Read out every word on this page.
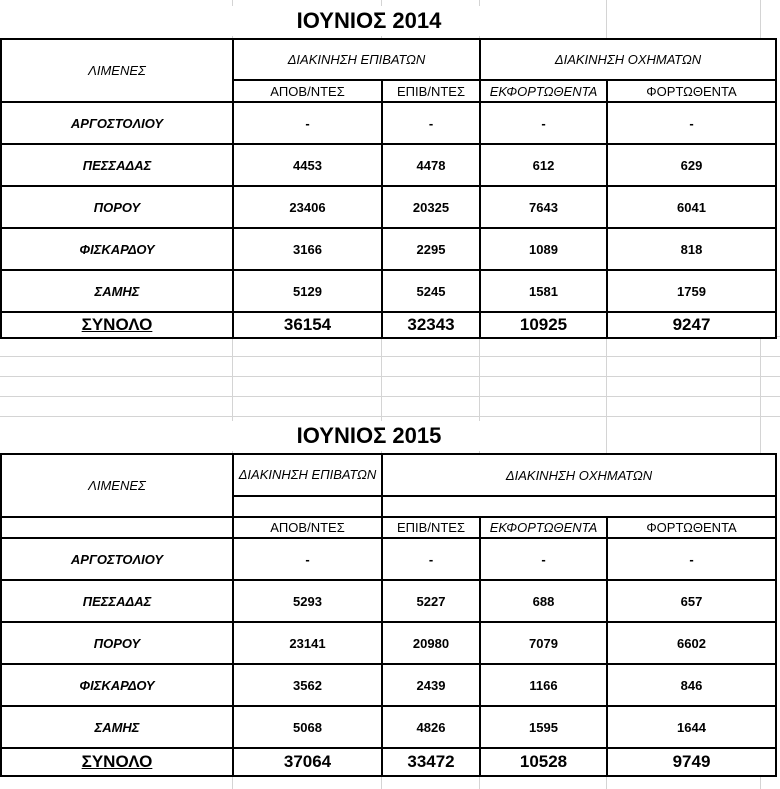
ΙΟΥΝΙΟΣ 2014
ΛΙΜΕΝΕΣ	ΔΙΑΚΙΝΗΣΗ ΕΠΙΒΑΤΩΝ		ΔΙΑΚΙΝΗΣΗ ΟΧΗΜΑΤΩΝ	
	ΑΠΟΒ/ΝΤΕΣ	ΕΠΙΒ/ΝΤΕΣ	ΕΚΦΟΡΤΩΘΕΝΤΑ	ΦΟΡΤΩΘΕΝΤΑ
ΑΡΓΟΣΤΟΛΙΟΥ	-	-	-	-
ΠΕΣΣΑΔΑΣ	4453	4478	612	629
ΠΟΡΟΥ	23406	20325	7643	6041
ΦΙΣΚΑΡΔΟΥ	3166	2295	1089	818
ΣΑΜΗΣ	5129	5245	1581	1759
ΣΥΝΟΛΟ	36154	32343	10925	9247
ΙΟΥΝΙΟΣ 2015
ΛΙΜΕΝΕΣ	ΔΙΑΚΙΝΗΣΗ ΕΠΙΒΑΤΩΝ	ΔΙΑΚΙΝΗΣΗ ΟΧΗΜΑΤΩΝ		

	ΑΠΟΒ/ΝΤΕΣ	ΕΠΙΒ/ΝΤΕΣ	ΕΚΦΟΡΤΩΘΕΝΤΑ	ΦΟΡΤΩΘΕΝΤΑ
ΑΡΓΟΣΤΟΛΙΟΥ	-	-	-	-
ΠΕΣΣΑΔΑΣ	5293	5227	688	657
ΠΟΡΟΥ	23141	20980	7079	6602
ΦΙΣΚΑΡΔΟΥ	3562	2439	1166	846
ΣΑΜΗΣ	5068	4826	1595	1644
ΣΥΝΟΛΟ	37064	33472	10528	9749
